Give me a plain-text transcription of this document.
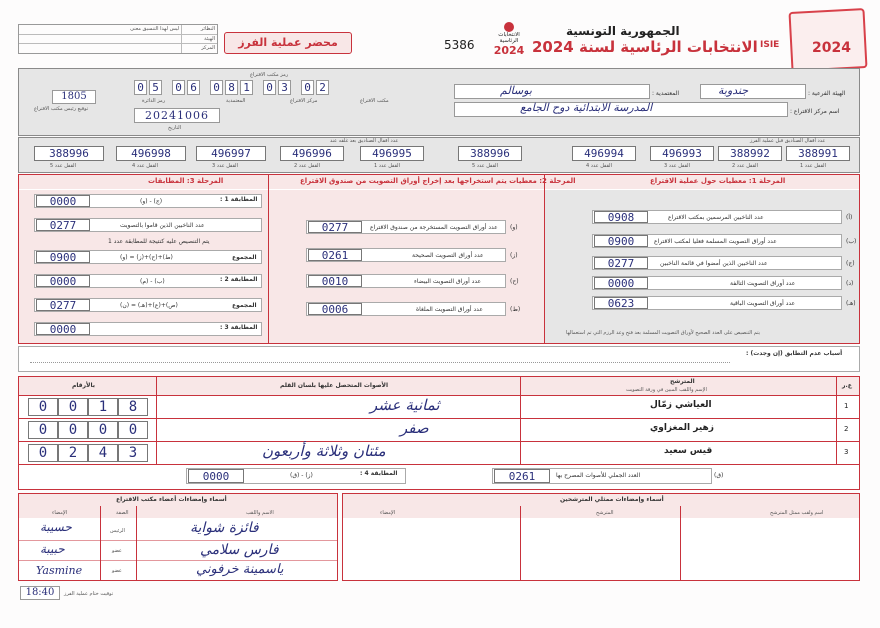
2024
ISIE
الجمهورية التونسية
الانتخابات الرئاسية لسنة 2024
الانتخابات الرئاسية
2024
5386
محضر عملية الفرز
ليس لهذا التنسيق معنى	النظائر
الهيئة
المركز
الهيئة الفرعية :
جندوبة
المعتمدية :
بوسالم
اسم مركز الاقتراع :
المدرسة الابتدائية دوح الجامع
رمز مكتب الاقتراع
0 5 0 6 0 8 1 0 3 0 2
رمز الدائرة	المعتمدية	مركز الاقتراع	مكتب الاقتراع
20241006
التاريخ
1805
توقيع رئيس مكتب الاقتراع
عدد أقفال الصناديق قبل عملية الفرز
عدد أقفال الصناديق بعد غلقه عند
388991
388992
496993
496994
388996
496995
496996
496997
496998
388996
القفل عدد 1
القفل عدد 2
القفل عدد 3
القفل عدد 4
القفل عدد 5
القفل عدد 1
القفل عدد 2
القفل عدد 3
القفل عدد 4
القفل عدد 5
المرحلة 1: معطيات حول عملية الاقتراع
المرحلة 2: معطيات يتم استخراجها بعد إخراج أوراق التصويت من صندوق الاقتراع
المرحلة 3: المطابقات
عدد الناخبين المرسمين بمكتب الاقتراع	(أ)
0908
عدد أوراق التصويت المسلمة فعليا لمكتب الاقتراع	(ب)
0900
عدد الناخبين الذين أمضوا في قائمة الناخبين	(ج)
0277
عدد أوراق التصويت التالفة	(د)
0000
عدد أوراق التصويت الباقية	(هـ)
0623
يتم التنصيص على العدد الصحيح لأوراق التصويت المسلمة بعد فتح وعد الرزم التي تم استعمالها
عدد أوراق التصويت المستخرجة من صندوق الاقتراع (و)
0277
عدد أوراق التصويت الصحيحة	(ز)
0261
عدد أوراق التصويت البيضاء	(ح)
0010
عدد أوراق التصويت الملغاة	(ط)
0006
المطابقة 1 :
(ج) - (و)
0000
عدد الناخبين الذين قاموا بالتصويت
0277
يتم التنصيص عليه كنتيجة للمطابقة عدد 1
المجموع
(ط)+(ح)+(ز) = (و)
0900
المطابقة 2 :
(ب) - (م)
0000
المجموع
(ص)+(ع)+(هـ) = (ن)
0277
المطابقة 3 :
0000
أسباب عدم التطابق (إن وجدت) :
ع.ر
المترشح
الإسم واللقب المبين في ورقة التصويت
الأصوات المتحصل عليها بلسان القلم
بالأرقام
1
العياشي زمّال
ثمانية عشر
0	0	1	8
2
زهير المغزاوي
صفر
0	0	0	0
3
قيس سعيد
مئتان وثلاثة وأربعون
0	2	4	3
العدد الجملي للأصوات المصرح بها	(ق)
0261
المطابقة 4 :
(ز) - (ق)
0000
أسماء وإمضاءات ممثلي المترشحين
اسم ولقب ممثل المترشح
المترشح
الإمضاء
أسماء وإمضاءات أعضاء مكتب الاقتراع
الاسم واللقب
الصفة
الإمضاء
فائزة شواية
الرئيس
حسيبة
فارس سلامي
عضو
حبيبة
ياسمينة خرفوني
عضو
Yasmine
18:40	توقيت ختام عملية الفرز
